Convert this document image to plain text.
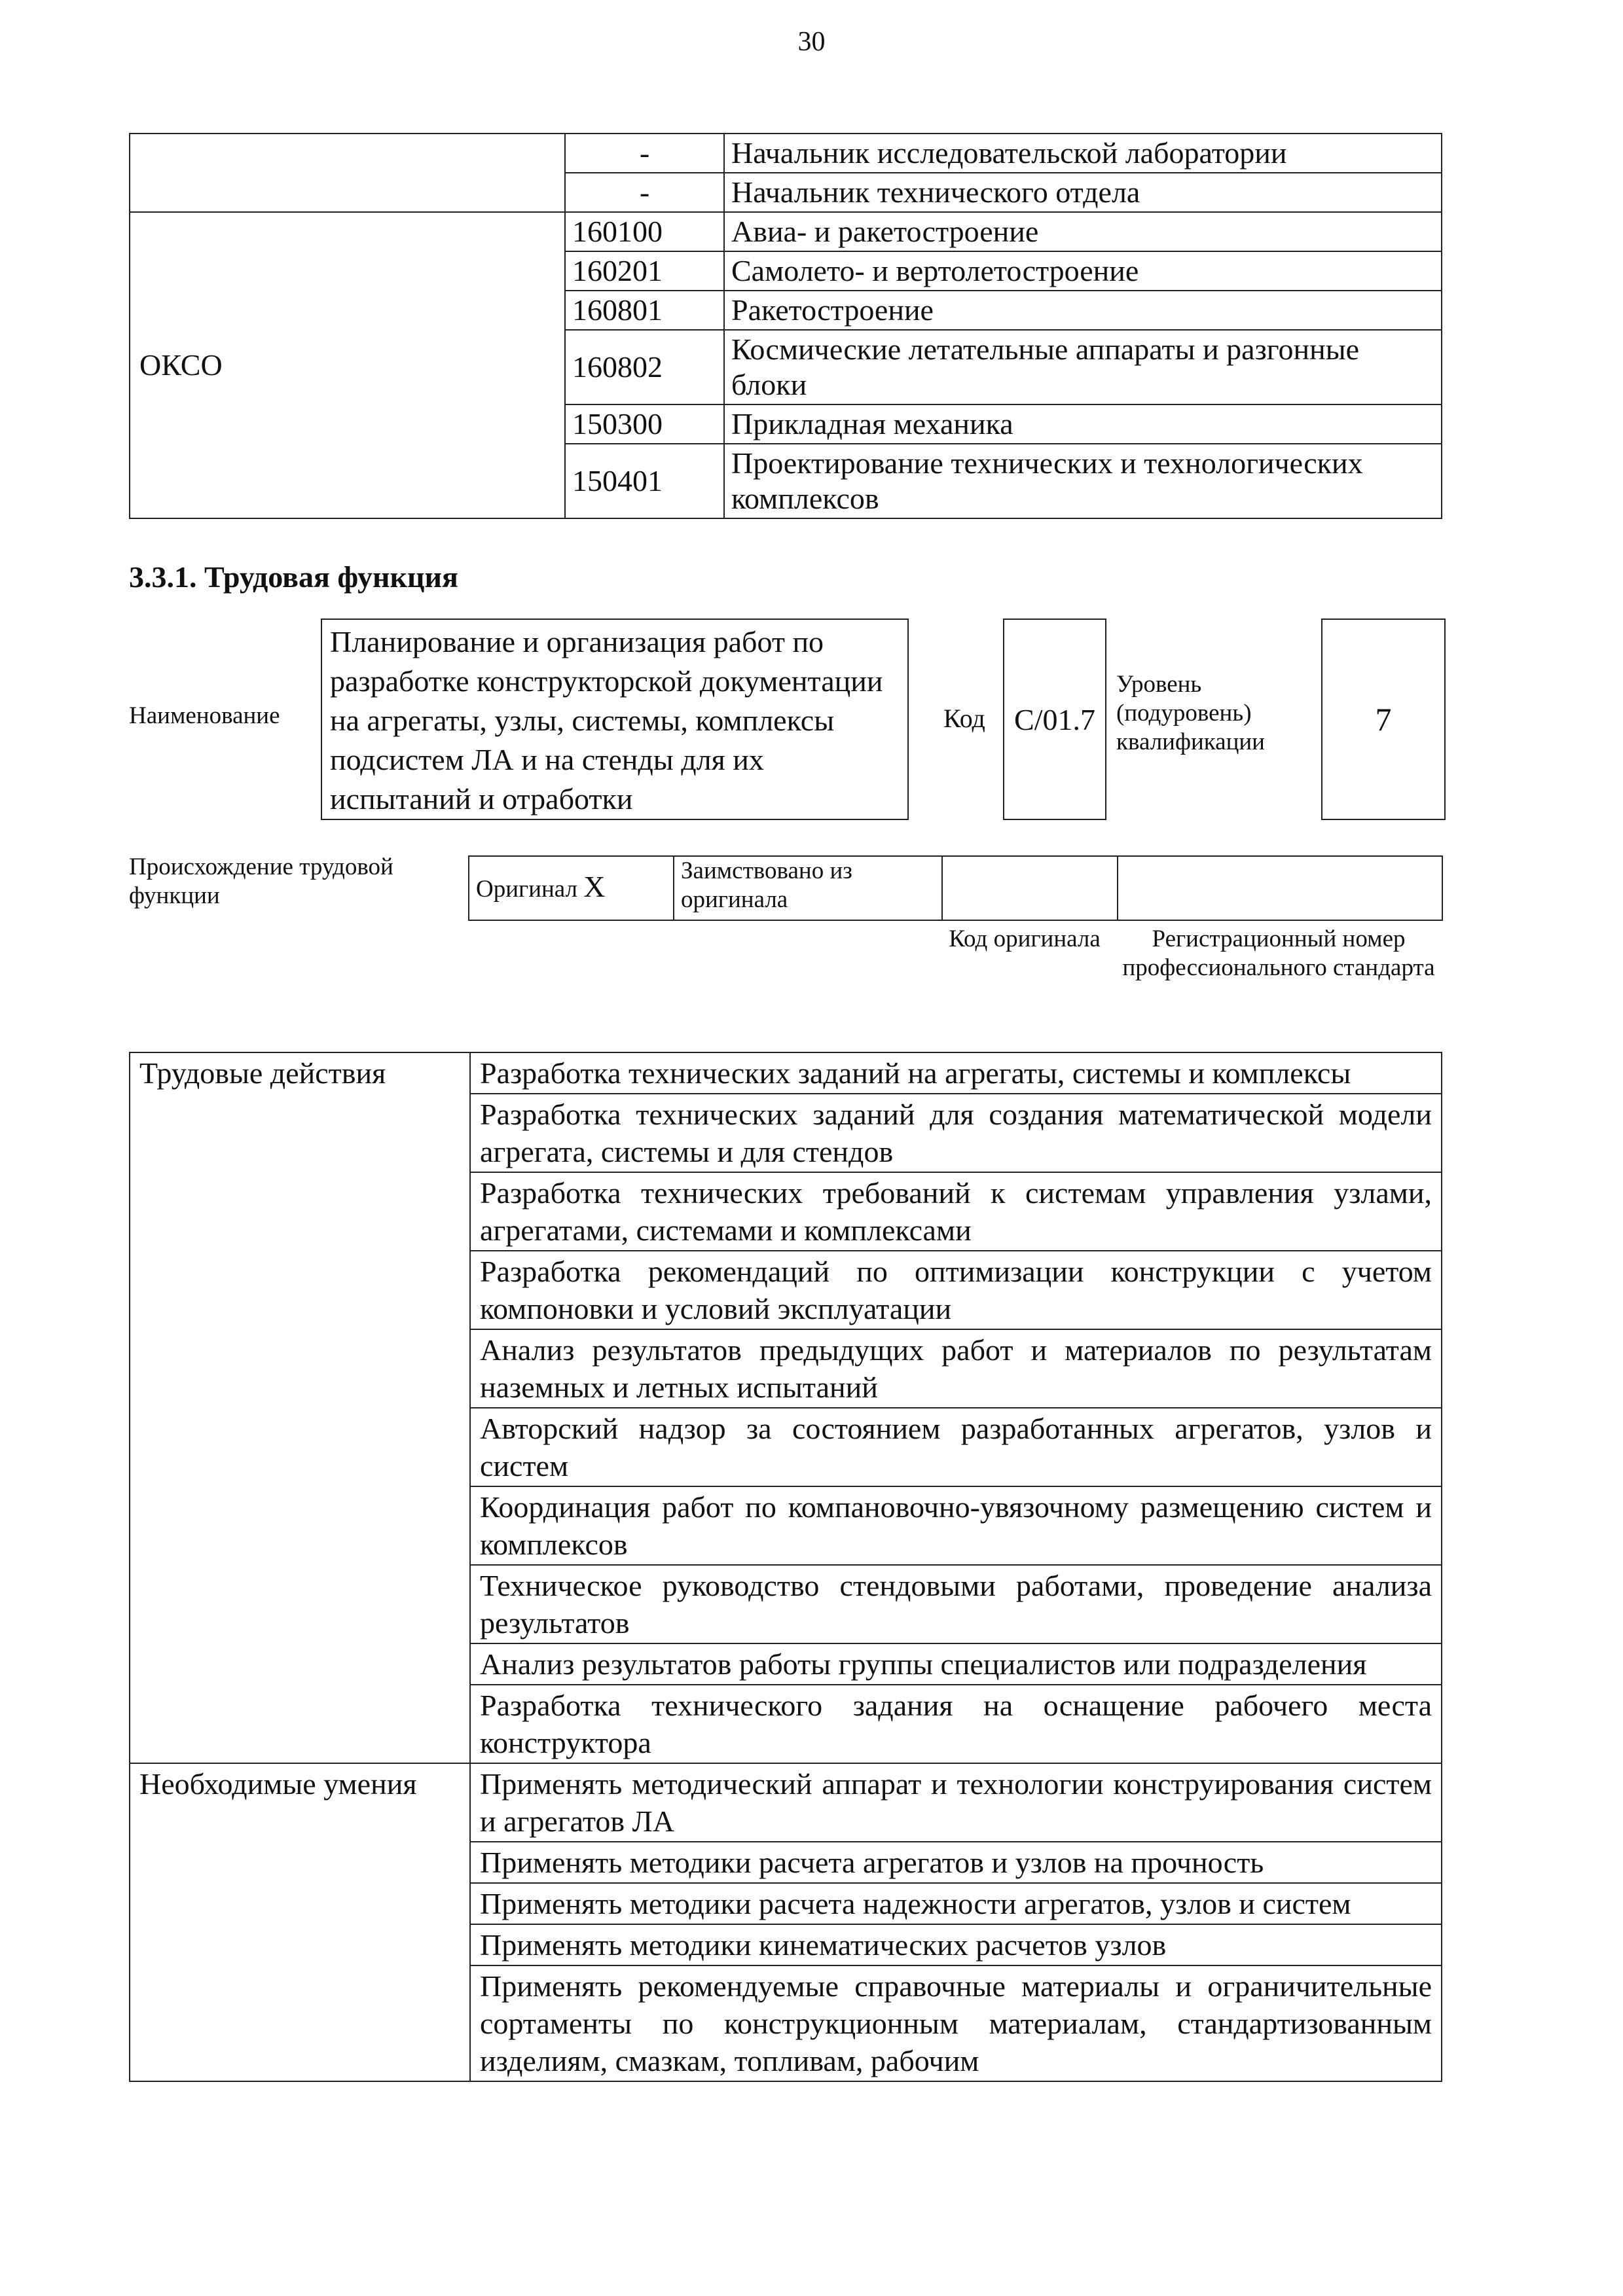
30
	-	Начальник исследовательской лаборатории
	-	Начальник технического отдела
ОКСО	160100	Авиа- и ракетостроение
	160201	Самолето- и вертолетостроение
	160801	Ракетостроение
	160802	Космические летательные аппараты и разгонные блоки
	150300	Прикладная механика
	150401	Проектирование технических и технологических комплексов
3.3.1. Трудовая функция
Наименование
Планирование и организация работ по разработке конструкторской документации на агрегаты, узлы, системы, комплексы подсистем ЛА и на стенды для их испытаний и отработки
Код C/01.7
Уровень (подуровень) квалификации
7
Происхождение трудовой функции	Оригинал X	Заимствовано из оригинала		
Код оригинала	Регистрационный номер профессионального стандарта
Трудовые действия	Разработка технических заданий на агрегаты, системы и комплексы
	Разработка технических заданий для создания математической модели агрегата, системы и для стендов
	Разработка технических требований к системам управления узлами, агрегатами, системами и комплексами
	Разработка рекомендаций по оптимизации конструкции с учетом компоновки и условий эксплуатации
	Анализ результатов предыдущих работ и материалов по результатам наземных и летных испытаний
	Авторский надзор за состоянием разработанных агрегатов, узлов и систем
	Координация работ по компановочно-увязочному размещению систем и комплексов
	Техническое руководство стендовыми работами, проведение анализа результатов
	Анализ результатов работы группы специалистов или подразделения
	Разработка технического задания на оснащение рабочего места конструктора
Необходимые умения	Применять методический аппарат и технологии конструирования систем и агрегатов ЛА
	Применять методики расчета агрегатов и узлов на прочность
	Применять методики расчета надежности агрегатов, узлов и систем
	Применять методики кинематических расчетов узлов
	Применять рекомендуемые справочные материалы и ограничительные сортаменты по конструкционным материалам, стандартизованным изделиям, смазкам, топливам, рабочим
